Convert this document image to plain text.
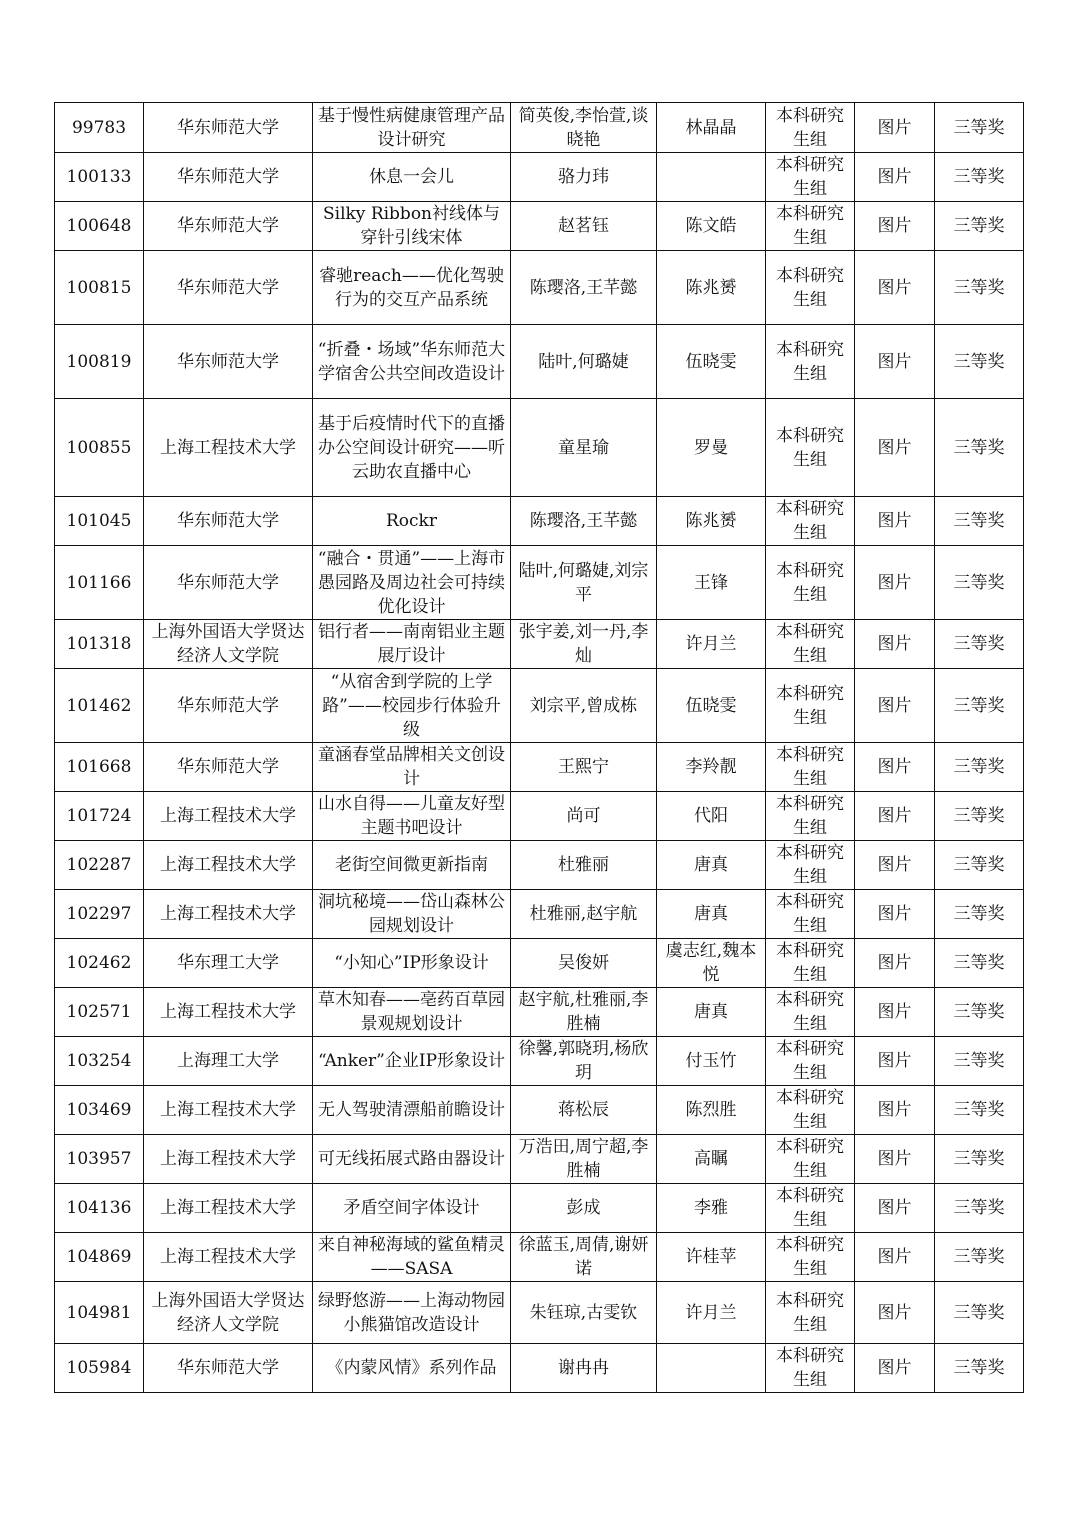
99783	华东师范大学	基于慢性病健康管理产品设计研究	简英俊,李怡萱,谈晓艳	林晶晶	本科研究生组	图片	三等奖
100133	华东师范大学	休息一会儿	骆力玮		本科研究生组	图片	三等奖
100648	华东师范大学	Silky Ribbon衬线体与穿针引线宋体	赵茗钰	陈文皓	本科研究生组	图片	三等奖
100815	华东师范大学	睿驰reach——优化驾驶行为的交互产品系统	陈璎洛,王芊懿	陈兆赟	本科研究生组	图片	三等奖
100819	华东师范大学	“折叠・场域”华东师范大学宿舍公共空间改造设计	陆叶,何璐婕	伍晓雯	本科研究生组	图片	三等奖
100855	上海工程技术大学	基于后疫情时代下的直播办公空间设计研究——听云助农直播中心	童星瑜	罗曼	本科研究生组	图片	三等奖
101045	华东师范大学	Rockr	陈璎洛,王芊懿	陈兆赟	本科研究生组	图片	三等奖
101166	华东师范大学	“融合・贯通”——上海市愚园路及周边社会可持续优化设计	陆叶,何璐婕,刘宗平	王锋	本科研究生组	图片	三等奖
101318	上海外国语大学贤达经济人文学院	铝行者——南南铝业主题展厅设计	张宇姜,刘一丹,李灿	许月兰	本科研究生组	图片	三等奖
101462	华东师范大学	“从宿舍到学院的上学路”——校园步行体验升级	刘宗平,曾成栋	伍晓雯	本科研究生组	图片	三等奖
101668	华东师范大学	童涵春堂品牌相关文创设计	王熙宁	李羚靓	本科研究生组	图片	三等奖
101724	上海工程技术大学	山水自得——儿童友好型主题书吧设计	尚可	代阳	本科研究生组	图片	三等奖
102287	上海工程技术大学	老街空间微更新指南	杜雅丽	唐真	本科研究生组	图片	三等奖
102297	上海工程技术大学	洞坑秘境——岱山森林公园规划设计	杜雅丽,赵宇航	唐真	本科研究生组	图片	三等奖
102462	华东理工大学	“小知心”IP形象设计	吴俊妍	虞志红,魏本悦	本科研究生组	图片	三等奖
102571	上海工程技术大学	草木知春——亳药百草园景观规划设计	赵宇航,杜雅丽,李胜楠	唐真	本科研究生组	图片	三等奖
103254	上海理工大学	“Anker”企业IP形象设计	徐馨,郭晓玥,杨欣玥	付玉竹	本科研究生组	图片	三等奖
103469	上海工程技术大学	无人驾驶清漂船前瞻设计	蒋松辰	陈烈胜	本科研究生组	图片	三等奖
103957	上海工程技术大学	可无线拓展式路由器设计	万浩田,周宁超,李胜楠	高瞩	本科研究生组	图片	三等奖
104136	上海工程技术大学	矛盾空间字体设计	彭成	李雅	本科研究生组	图片	三等奖
104869	上海工程技术大学	来自神秘海域的鲨鱼精灵——SASA	徐蓝玉,周倩,谢妍诺	许桂苹	本科研究生组	图片	三等奖
104981	上海外国语大学贤达经济人文学院	绿野悠游——上海动物园小熊猫馆改造设计	朱钰琼,古雯钦	许月兰	本科研究生组	图片	三等奖
105984	华东师范大学	《内蒙风情》系列作品	谢冉冉		本科研究生组	图片	三等奖
